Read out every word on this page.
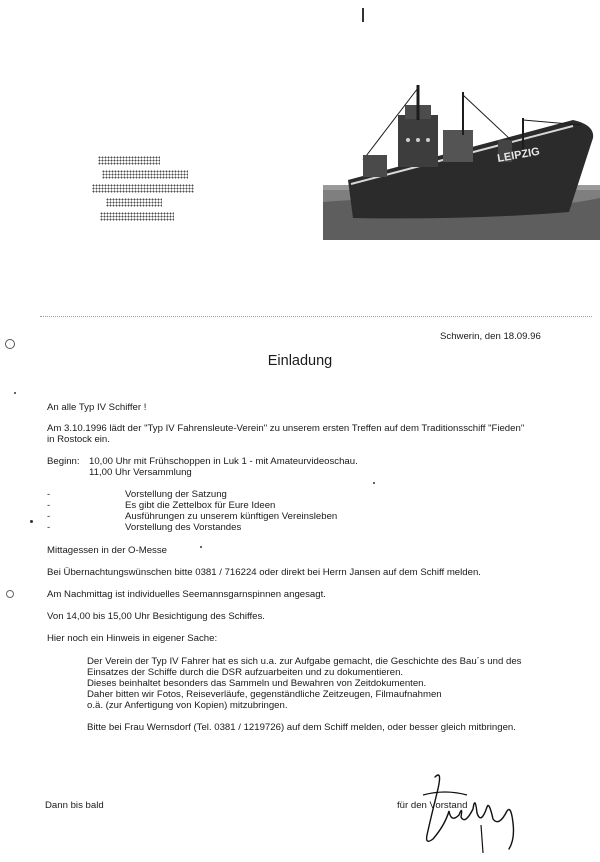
LEIPZIG
Schwerin, den 18.09.96
Einladung
An alle Typ IV Schiffer !
Am 3.10.1996 lädt der "Typ IV Fahrensleute-Verein" zu unserem ersten Treffen auf dem Traditionsschiff "Fieden"
in Rostock ein.
Beginn: 10,00 Uhr mit Frühschoppen in Luk 1 - mit Amateurvideoschau.
11,00 Uhr Versammlung
-	Vorstellung der Satzung
-	Es gibt die Zettelbox für Eure Ideen
-	Ausführungen zu unserem künftigen Vereinsleben
-	Vorstellung des Vorstandes
Mittagessen in der O-Messe
Bei Übernachtungswünschen bitte 0381 / 716224 oder direkt bei Herrn Jansen auf dem Schiff melden.
Am Nachmittag ist individuelles Seemannsgarnspinnen angesagt.
Von 14,00 bis 15,00 Uhr Besichtigung des Schiffes.
Hier noch ein Hinweis in eigener Sache:
Der Verein der Typ IV Fahrer hat es sich u.a. zur Aufgabe gemacht, die Geschichte des Bau´s und des
Einsatzes der Schiffe durch die DSR aufzuarbeiten und zu dokumentieren.
Dieses beinhaltet besonders das Sammeln und Bewahren von Zeitdokumenten.
Daher bitten wir Fotos, Reiseverläufe, gegenständliche Zeitzeugen, Filmaufnahmen
o.ä. (zur Anfertigung von Kopien) mitzubringen.
Bitte bei Frau Wernsdorf (Tel. 0381 / 1219726) auf dem Schiff melden, oder besser gleich mitbringen.
Dann bis bald	für den Vorstand
